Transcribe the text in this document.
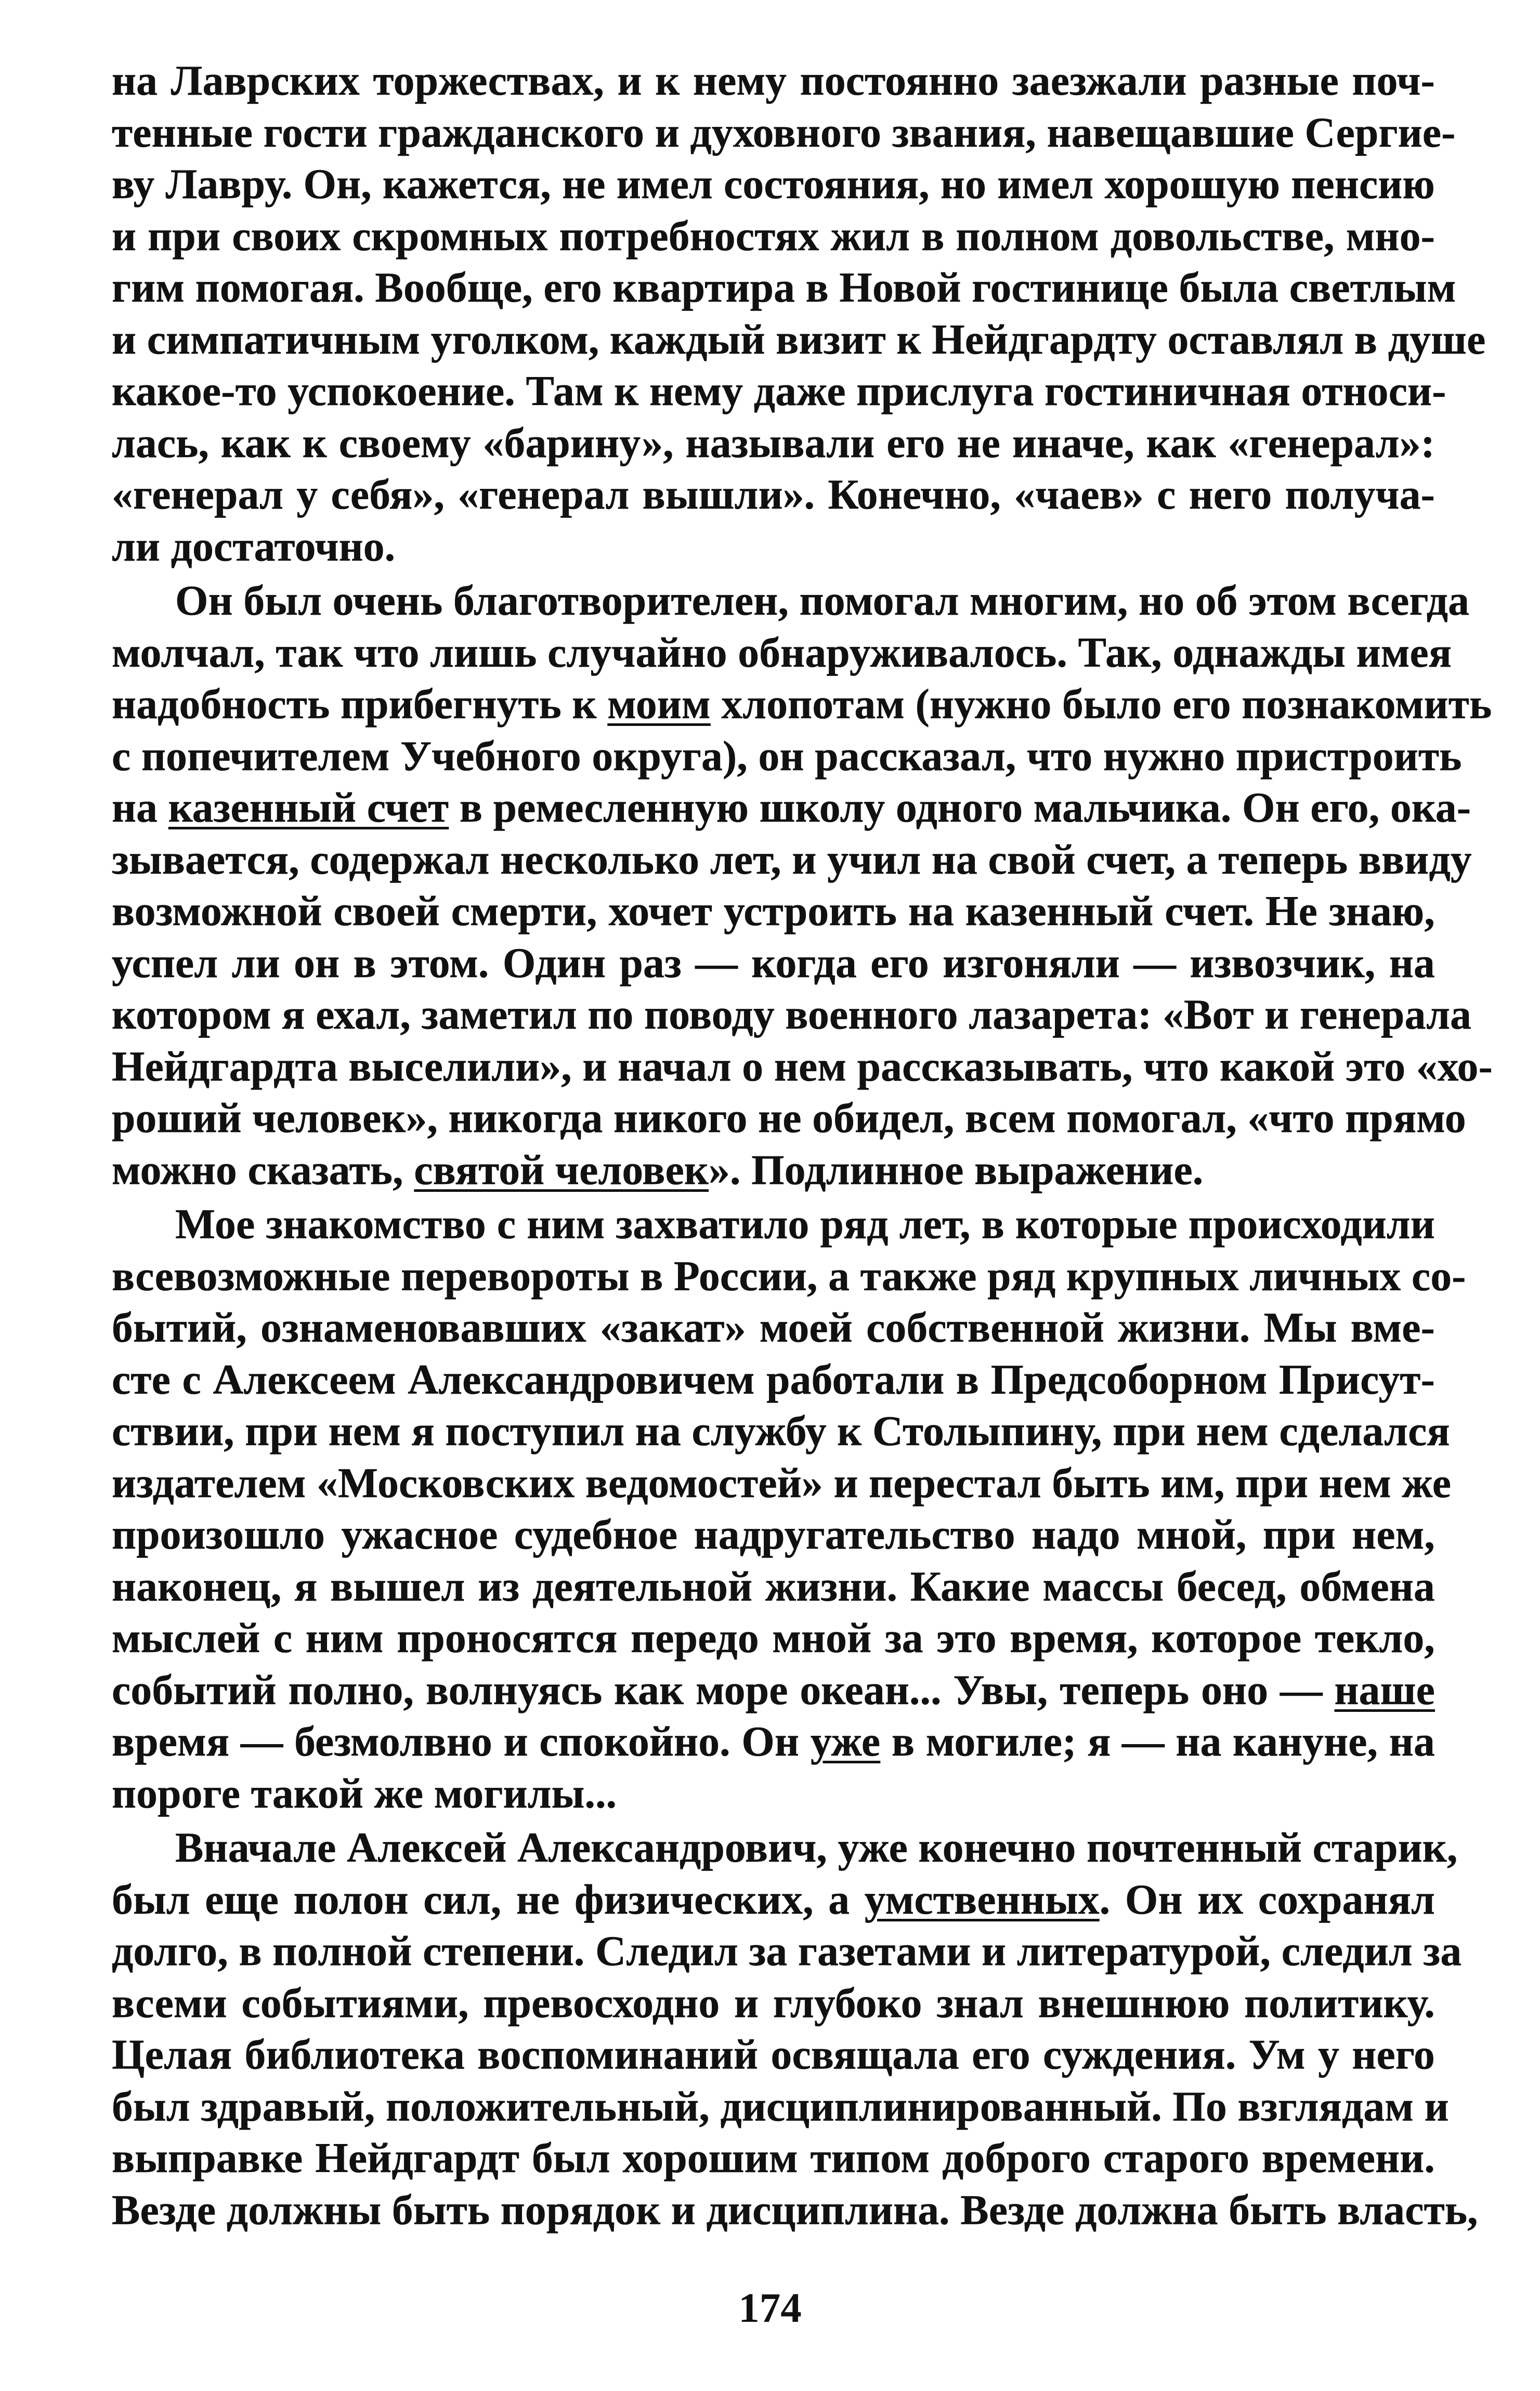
на Лаврских торжествах, и к нему постоянно заезжали разные поч-
тенные гости гражданского и духовного звания, навещавшие Сергие-
ву Лавру. Он, кажется, не имел состояния, но имел хорошую пенсию
и при своих скромных потребностях жил в полном довольстве, мно-
гим помогая. Вообще, его квартира в Новой гостинице была светлым
и симпатичным уголком, каждый визит к Нейдгардту оставлял в душе
какое-то успокоение. Там к нему даже прислуга гостиничная относи-
лась, как к своему «барину», называли его не иначе, как «генерал»:
«генерал у себя», «генерал вышли». Конечно, «чаев» с него получа-
ли достаточно.
Он был очень благотворителен, помогал многим, но об этом всегда
молчал, так что лишь случайно обнаруживалось. Так, однажды имея
надобность прибегнуть к моим хлопотам (нужно было его познакомить
с попечителем Учебного округа), он рассказал, что нужно пристроить
на казенный счет в ремесленную школу одного мальчика. Он его, ока-
зывается, содержал несколько лет, и учил на свой счет, а теперь ввиду
возможной своей смерти, хочет устроить на казенный счет. Не знаю,
успел ли он в этом. Один раз — когда его изгоняли — извозчик, на
котором я ехал, заметил по поводу военного лазарета: «Вот и генерала
Нейдгардта выселили», и начал о нем рассказывать, что какой это «хо-
роший человек», никогда никого не обидел, всем помогал, «что прямо
можно сказать, святой человек». Подлинное выражение.
Мое знакомство с ним захватило ряд лет, в которые происходили
всевозможные перевороты в России, а также ряд крупных личных со-
бытий, ознаменовавших «закат» моей собственной жизни. Мы вме-
сте с Алексеем Александровичем работали в Предсоборном Присут-
ствии, при нем я поступил на службу к Столыпину, при нем сделался
издателем «Московских ведомостей» и перестал быть им, при нем же
произошло ужасное судебное надругательство надо мной, при нем,
наконец, я вышел из деятельной жизни. Какие массы бесед, обмена
мыслей с ним проносятся передо мной за это время, которое текло,
событий полно, волнуясь как море океан... Увы, теперь оно — наше
время — безмолвно и спокойно. Он уже в могиле; я — на кануне, на
пороге такой же могилы...
Вначале Алексей Александрович, уже конечно почтенный старик,
был еще полон сил, не физических, а умственных. Он их сохранял
долго, в полной степени. Следил за газетами и литературой, следил за
всеми событиями, превосходно и глубоко знал внешнюю политику.
Целая библиотека воспоминаний освящала его суждения. Ум у него
был здравый, положительный, дисциплинированный. По взглядам и
выправке Нейдгардт был хорошим типом доброго старого времени.
Везде должны быть порядок и дисциплина. Везде должна быть власть,
174
